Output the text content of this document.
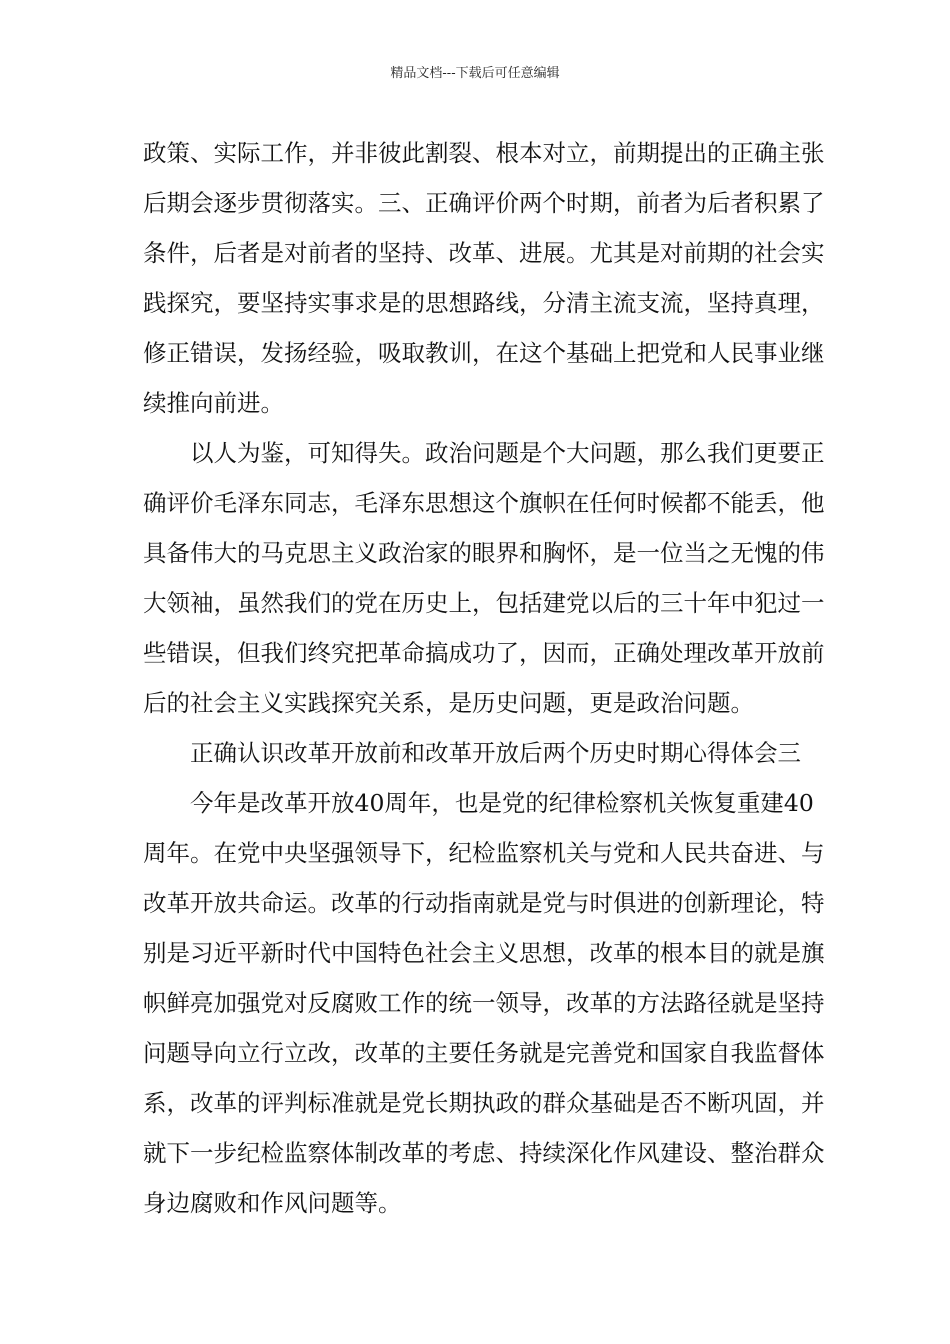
精品文档---下载后可任意编辑
政策、实际工作，并非彼此割裂、根本对立，前期提出的正确主张
后期会逐步贯彻落实。三、正确评价两个时期，前者为后者积累了
条件，后者是对前者的坚持、改革、进展。尤其是对前期的社会实
践探究，要坚持实事求是的思想路线，分清主流支流，坚持真理，
修正错误，发扬经验，吸取教训，在这个基础上把党和人民事业继
续推向前进。
　　以人为鉴，可知得失。政治问题是个大问题，那么我们更要正
确评价毛泽东同志，毛泽东思想这个旗帜在任何时候都不能丢，他
具备伟大的马克思主义政治家的眼界和胸怀，是一位当之无愧的伟
大领袖，虽然我们的党在历史上，包括建党以后的三十年中犯过一
些错误，但我们终究把革命搞成功了，因而，正确处理改革开放前
后的社会主义实践探究关系，是历史问题，更是政治问题。
　　正确认识改革开放前和改革开放后两个历史时期心得体会三
　　今年是改革开放40周年，也是党的纪律检察机关恢复重建40
周年。在党中央坚强领导下，纪检监察机关与党和人民共奋进、与
改革开放共命运。改革的行动指南就是党与时俱进的创新理论，特
别是习近平新时代中国特色社会主义思想，改革的根本目的就是旗
帜鲜亮加强党对反腐败工作的统一领导，改革的方法路径就是坚持
问题导向立行立改，改革的主要任务就是完善党和国家自我监督体
系，改革的评判标准就是党长期执政的群众基础是否不断巩固，并
就下一步纪检监察体制改革的考虑、持续深化作风建设、整治群众
身边腐败和作风问题等。
